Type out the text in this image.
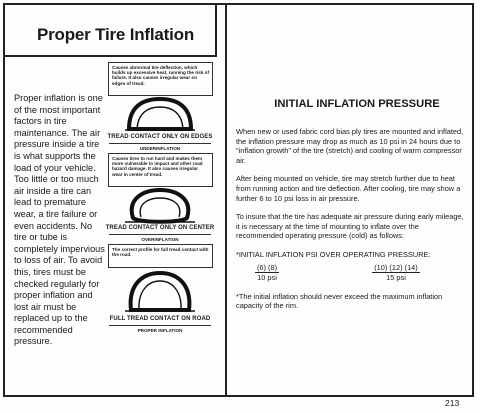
Proper Tire Inflation
Proper inflation is one of the most important factors in tire maintenance. The air pressure inside a tire is what supports the load of your vehicle. Too little or too much air inside a tire can lead to premature wear, a tire failure or even accidents. No tire or tube is completely impervious to loss of air. To avoid this, tires must be checked regularly for proper inflation and lost air must be replaced up to the recommended pressure.
Causes abnormal tire deflection, which builds up excessive heat, running the risk of failure. It also causes irregular wear on edges of tread.
TREAD CONTACT ONLY ON EDGES
UNDERINFLATION
Causes tires to run hard and makes them more vulnerable to impact and other road hazard damage. It also causes irregular wear in center of tread.
TREAD CONTACT ONLY ON CENTER
OVERINFLATION
The correct profile for full tread contact with the road.
FULL TREAD CONTACT ON ROAD
PROPER INFLATION
INITIAL INFLATION PRESSURE
When new or used fabric cord bias ply tires are mounted and inflated, the inflation pressure may drop as much as 10 psi in 24 hours due to "inflation growth" of the tire (stretch) and cooling of warm compressor air.
After being mounted on vehicle, tire may stretch further due to heat from running action and tire deflection. After cooling, tire may show a further 6 to 10 psi loss in air pressure.
To insure that the tire has adequate air pressure during early mileage, it is necessary at the time of mounting to inflate over the recommended operating pressure (cold) as follows:
*INITIAL INFLATION PSI OVER OPERATING PRESSURE:
(6) (8)
10 psi
(10) (12) (14)
15 psi
*The initial inflation should never exceed the maximum inflation capacity of the rim.
213
